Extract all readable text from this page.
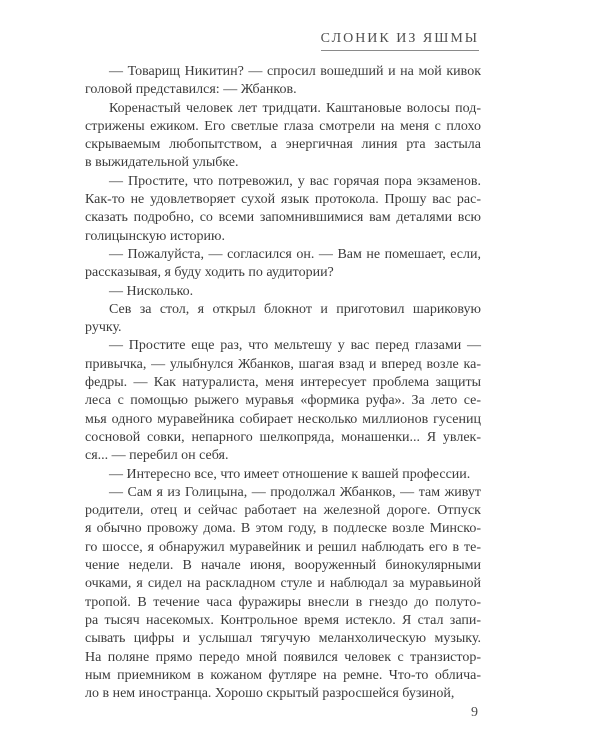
СЛОНИК ИЗ ЯШМЫ
— Товарищ Никитин? — спросил вошедший и на мой кивок
головой представился: — Жбанков.
Коренастый человек лет тридцати. Каштановые волосы под-
стрижены ежиком. Его светлые глаза смотрели на меня с плохо
скрываемым любопытством, а энергичная линия рта застыла
в выжидательной улыбке.
— Простите, что потревожил, у вас горячая пора экзаменов.
Как-то не удовлетворяет сухой язык протокола. Прошу вас рас-
сказать подробно, со всеми запомнившимися вам деталями всю
голицынскую историю.
— Пожалуйста, — согласился он. — Вам не помешает, если,
рассказывая, я буду ходить по аудитории?
— Нисколько.
Сев за стол, я открыл блокнот и приготовил шариковую
ручку.
— Простите еще раз, что мельтешу у вас перед глазами —
привычка, — улыбнулся Жбанков, шагая взад и вперед возле ка-
федры. — Как натуралиста, меня интересует проблема защиты
леса с помощью рыжего муравья «формика руфа». За лето се-
мья одного муравейника собирает несколько миллионов гусениц
сосновой совки, непарного шелкопряда, монашенки... Я увлек-
ся... — перебил он себя.
— Интересно все, что имеет отношение к вашей профессии.
— Сам я из Голицына, — продолжал Жбанков, — там живут
родители, отец и сейчас работает на железной дороге. Отпуск
я обычно провожу дома. В этом году, в подлеске возле Минско-
го шоссе, я обнаружил муравейник и решил наблюдать его в те-
чение недели. В начале июня, вооруженный бинокулярными
очками, я сидел на раскладном стуле и наблюдал за муравьиной
тропой. В течение часа фуражиры внесли в гнездо до полуто-
ра тысяч насекомых. Контрольное время истекло. Я стал запи-
сывать цифры и услышал тягучую меланхолическую музыку.
На поляне прямо передо мной появился человек с транзистор-
ным приемником в кожаном футляре на ремне. Что-то облича-
ло в нем иностранца. Хорошо скрытый разросшейся бузиной,
9
